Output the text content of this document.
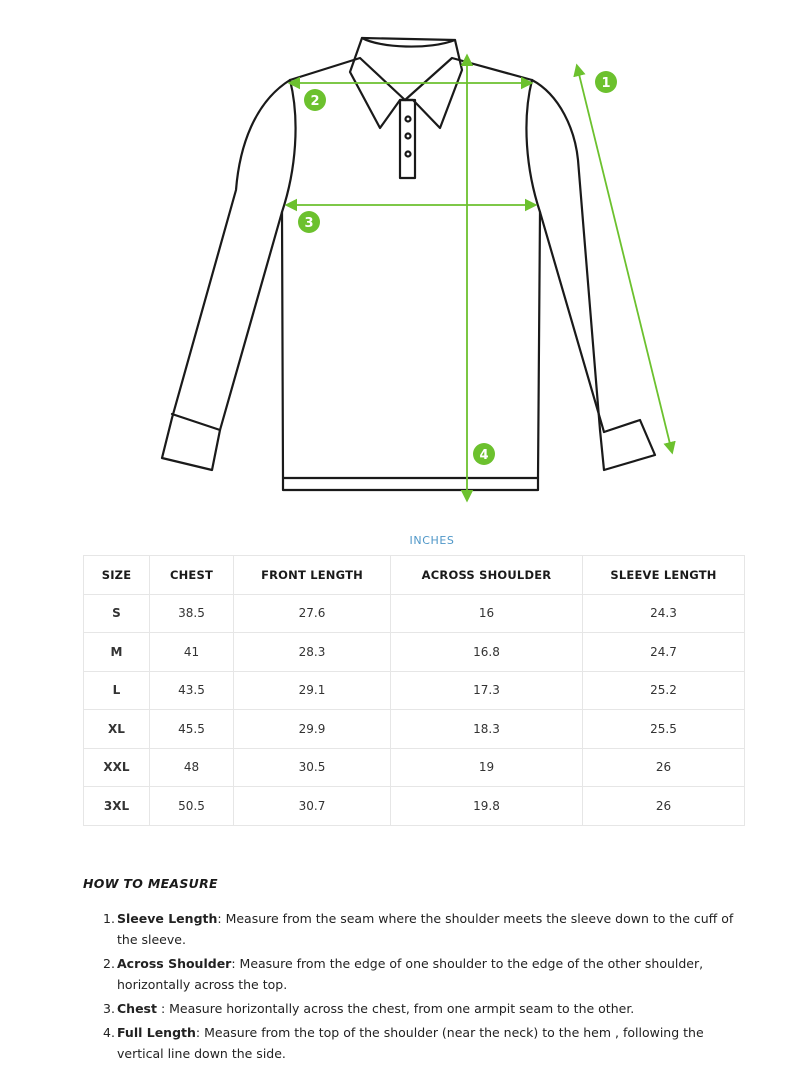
1
2
3
4
INCHES
SIZE	CHEST	FRONT LENGTH	ACROSS SHOULDER	SLEEVE LENGTH
S	38.5	27.6	16	24.3
M	41	28.3	16.8	24.7
L	43.5	29.1	17.3	25.2
XL	45.5	29.9	18.3	25.5
XXL	48	30.5	19	26
3XL	50.5	30.7	19.8	26
HOW TO MEASURE
1. Sleeve Length: Measure from the seam where the shoulder meets the sleeve down to the cuff of the sleeve.
2. Across Shoulder: Measure from the edge of one shoulder to the edge of the other shoulder, horizontally across the top.
3. Chest : Measure horizontally across the chest, from one armpit seam to the other.
4. Full Length: Measure from the top of the shoulder (near the neck) to the hem , following the vertical line down the side.
